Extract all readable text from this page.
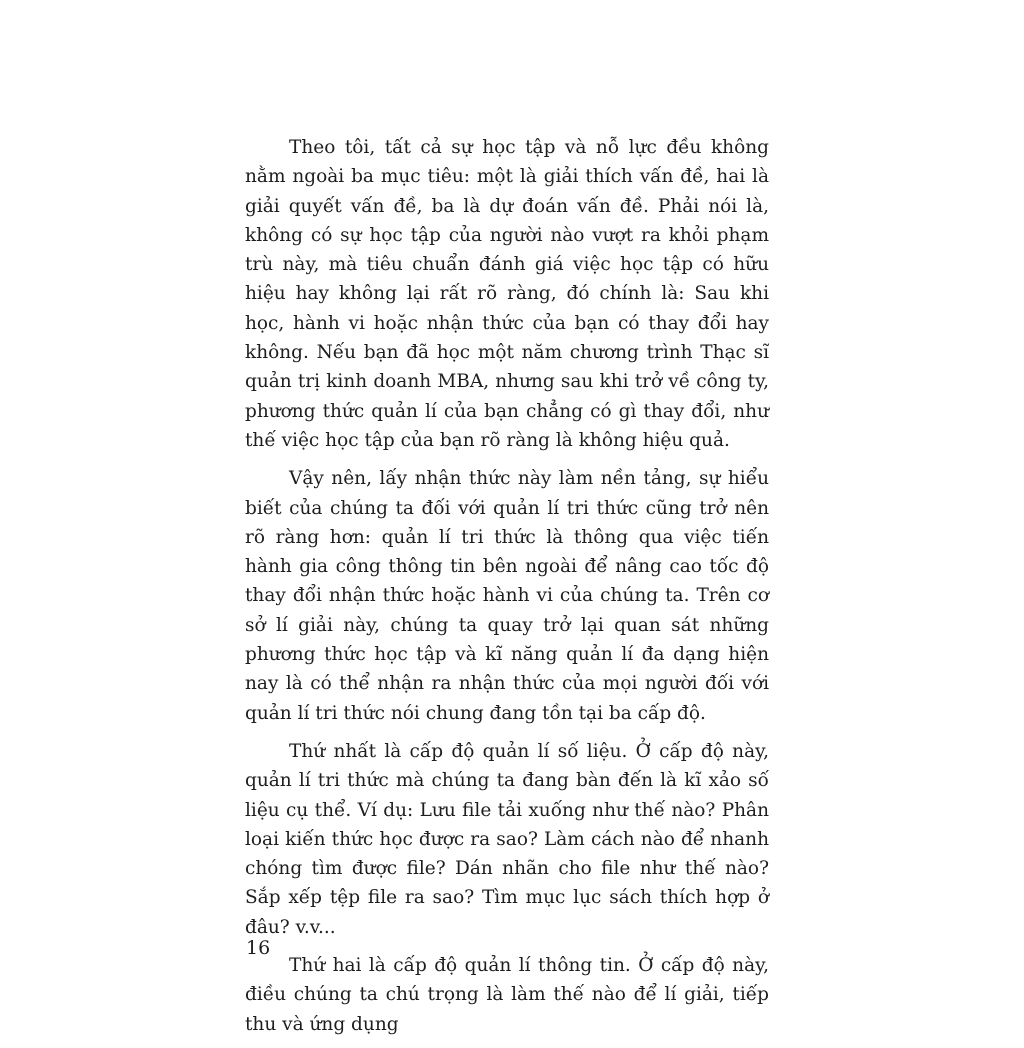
Theo tôi, tất cả sự học tập và nỗ lực đều không nằm ngoài ba mục tiêu: một là giải thích vấn đề, hai là giải quyết vấn đề, ba là dự đoán vấn đề. Phải nói là, không có sự học tập của người nào vượt ra khỏi phạm trù này, mà tiêu chuẩn đánh giá việc học tập có hữu hiệu hay không lại rất rõ ràng, đó chính là: Sau khi học, hành vi hoặc nhận thức của bạn có thay đổi hay không. Nếu bạn đã học một năm chương trình Thạc sĩ quản trị kinh doanh MBA, nhưng sau khi trở về công ty, phương thức quản lí của bạn chẳng có gì thay đổi, như thế việc học tập của bạn rõ ràng là không hiệu quả.

Vậy nên, lấy nhận thức này làm nền tảng, sự hiểu biết của chúng ta đối với quản lí tri thức cũng trở nên rõ ràng hơn: quản lí tri thức là thông qua việc tiến hành gia công thông tin bên ngoài để nâng cao tốc độ thay đổi nhận thức hoặc hành vi của chúng ta. Trên cơ sở lí giải này, chúng ta quay trở lại quan sát những phương thức học tập và kĩ năng quản lí đa dạng hiện nay là có thể nhận ra nhận thức của mọi người đối với quản lí tri thức nói chung đang tồn tại ba cấp độ.

Thứ nhất là cấp độ quản lí số liệu. Ở cấp độ này, quản lí tri thức mà chúng ta đang bàn đến là kĩ xảo số liệu cụ thể. Ví dụ: Lưu file tải xuống như thế nào? Phân loại kiến thức học được ra sao? Làm cách nào để nhanh chóng tìm được file? Dán nhãn cho file như thế nào? Sắp xếp tệp file ra sao? Tìm mục lục sách thích hợp ở đâu? v.v...

Thứ hai là cấp độ quản lí thông tin. Ở cấp độ này, điều chúng ta chú trọng là làm thế nào để lí giải, tiếp thu và ứng dụng

16
